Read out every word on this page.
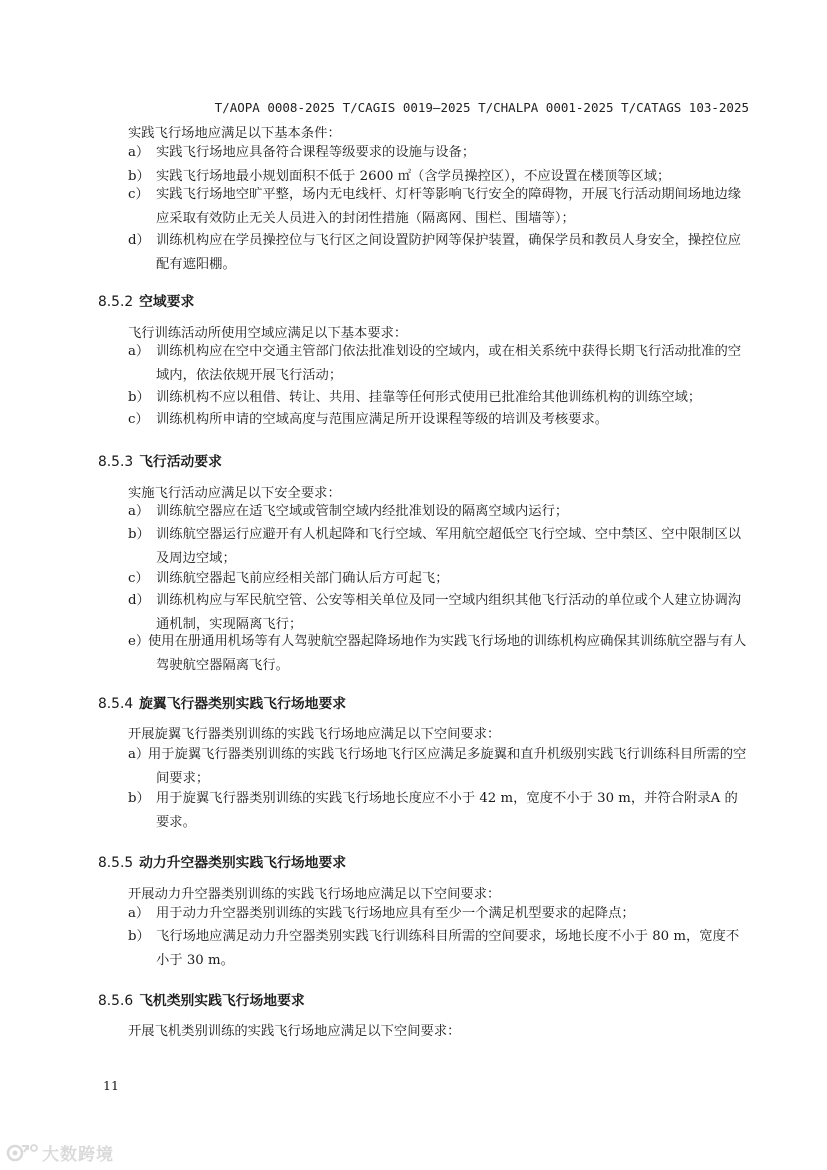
T/AOPA 0008-2025 T/CAGIS 0019—2025 T/CHALPA 0001-2025 T/CATAGS 103-2025
实践飞行场地应满足以下基本条件：
a） 实践飞行场地应具备符合课程等级要求的设施与设备；
b） 实践飞行场地最小规划面积不低于 2600 ㎡（含学员操控区），不应设置在楼顶等区域；
c） 实践飞行场地空旷平整，场内无电线杆、灯杆等影响飞行安全的障碍物，开展飞行活动期间场地边缘应采取有效防止无关人员进入的封闭性措施（隔离网、围栏、围墙等）；
d） 训练机构应在学员操控位与飞行区之间设置防护网等保护装置，确保学员和教员人身安全，操控位应配有遮阳棚。
8.5.2 空域要求
飞行训练活动所使用空域应满足以下基本要求：
a） 训练机构应在空中交通主管部门依法批准划设的空域内，或在相关系统中获得长期飞行活动批准的空域内，依法依规开展飞行活动；
b） 训练机构不应以租借、转让、共用、挂靠等任何形式使用已批准给其他训练机构的训练空域；
c） 训练机构所申请的空域高度与范围应满足所开设课程等级的培训及考核要求。
8.5.3 飞行活动要求
实施飞行活动应满足以下安全要求：
a） 训练航空器应在适飞空域或管制空域内经批准划设的隔离空域内运行；
b） 训练航空器运行应避开有人机起降和飞行空域、军用航空超低空飞行空域、空中禁区、空中限制区以及周边空域；
c） 训练航空器起飞前应经相关部门确认后方可起飞；
d） 训练机构应与军民航空管、公安等相关单位及同一空域内组织其他飞行活动的单位或个人建立协调沟通机制，实现隔离飞行；
e）使用在册通用机场等有人驾驶航空器起降场地作为实践飞行场地的训练机构应确保其训练航空器与有人驾驶航空器隔离飞行。
8.5.4 旋翼飞行器类别实践飞行场地要求
开展旋翼飞行器类别训练的实践飞行场地应满足以下空间要求：
a）用于旋翼飞行器类别训练的实践飞行场地飞行区应满足多旋翼和直升机级别实践飞行训练科目所需的空间要求；
b） 用于旋翼飞行器类别训练的实践飞行场地长度应不小于 42 m，宽度不小于 30 m，并符合附录A 的要求。
8.5.5 动力升空器类别实践飞行场地要求
开展动力升空器类别训练的实践飞行场地应满足以下空间要求：
a） 用于动力升空器类别训练的实践飞行场地应具有至少一个满足机型要求的起降点；
b） 飞行场地应满足动力升空器类别实践飞行训练科目所需的空间要求，场地长度不小于 80 m，宽度不小于 30 m。
8.5.6 飞机类别实践飞行场地要求
开展飞机类别训练的实践飞行场地应满足以下空间要求：
11
大数跨境
